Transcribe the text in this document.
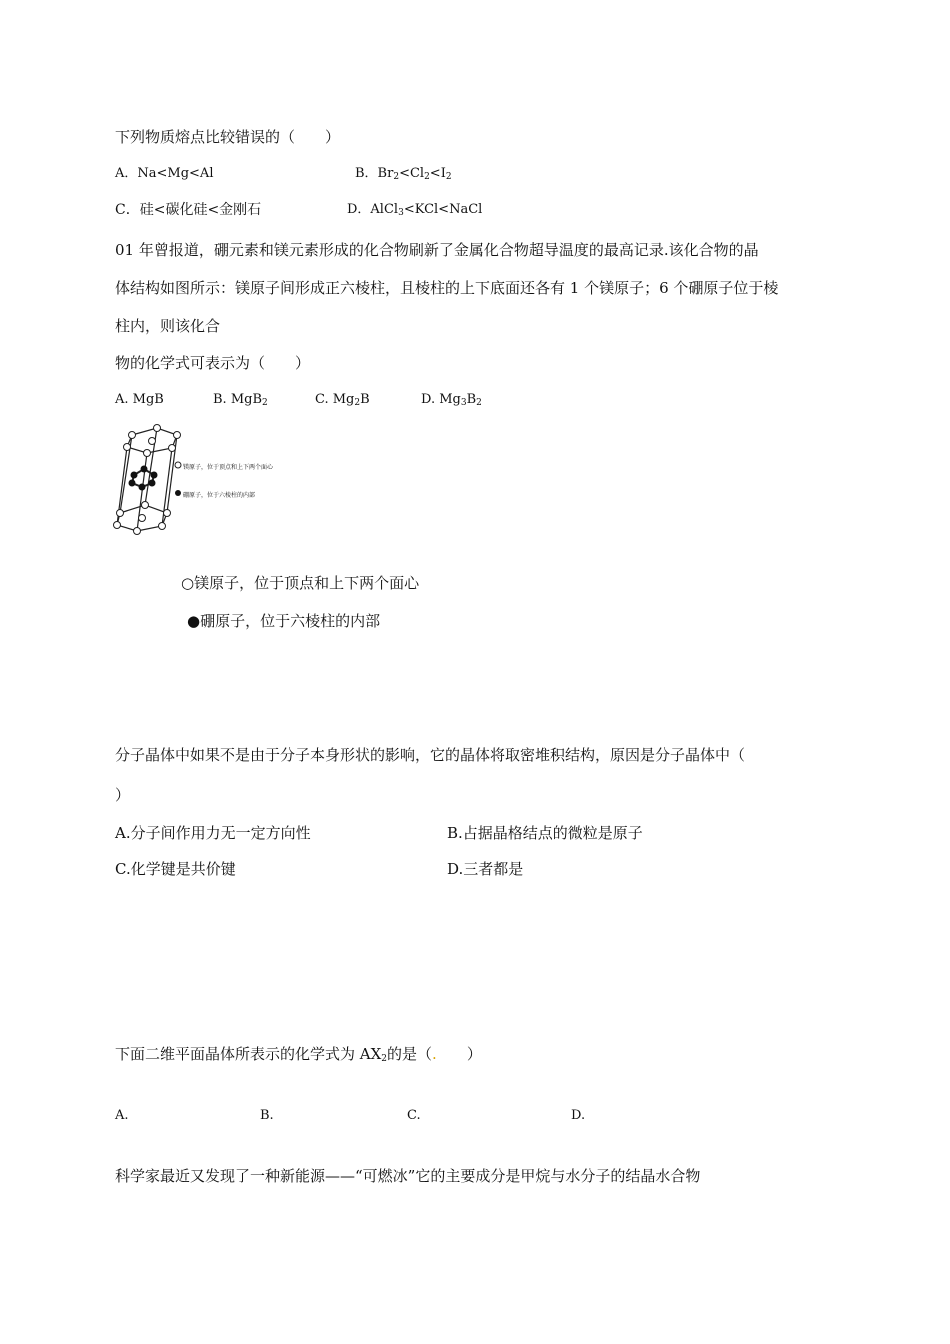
下列物质熔点比较错误的（　　）
A．Na<Mg<Al	B．$Br_2<Cl_2<I_2$
C．硅<碳化硅<金刚石	D．AlCl$_3$<KCl<NaCl
01 年曾报道，硼元素和镁元素形成的化合物刷新了金属化合物超导温度的最高记录.该化合物的晶
体结构如图所示：镁原子间形成正六棱柱，且棱柱的上下底面还各有 1 个镁原子；6 个硼原子位于棱
柱内，则该化合
物的化学式可表示为（　　）
A. MgB	B. MgB$_2$	C. $Mg_2B$	D. $Mg_3B_2$
镁原子，位于顶点和上下两个面心
硼原子，位于六棱柱的内部
○镁原子，位于顶点和上下两个面心
●硼原子，位于六棱柱的内部
分子晶体中如果不是由于分子本身形状的影响，它的晶体将取密堆积结构，原因是分子晶体中（
）
A.分子间作用力无一定方向性	B.占据晶格结点的微粒是原子
C.化学键是共价键	D.三者都是
下面二维平面晶体所表示的化学式为 $AX_2$的是（.　　）
A.	B.	C.	D.
科学家最近又发现了一种新能源——“可燃冰”它的主要成分是甲烷与水分子的结晶水合物
